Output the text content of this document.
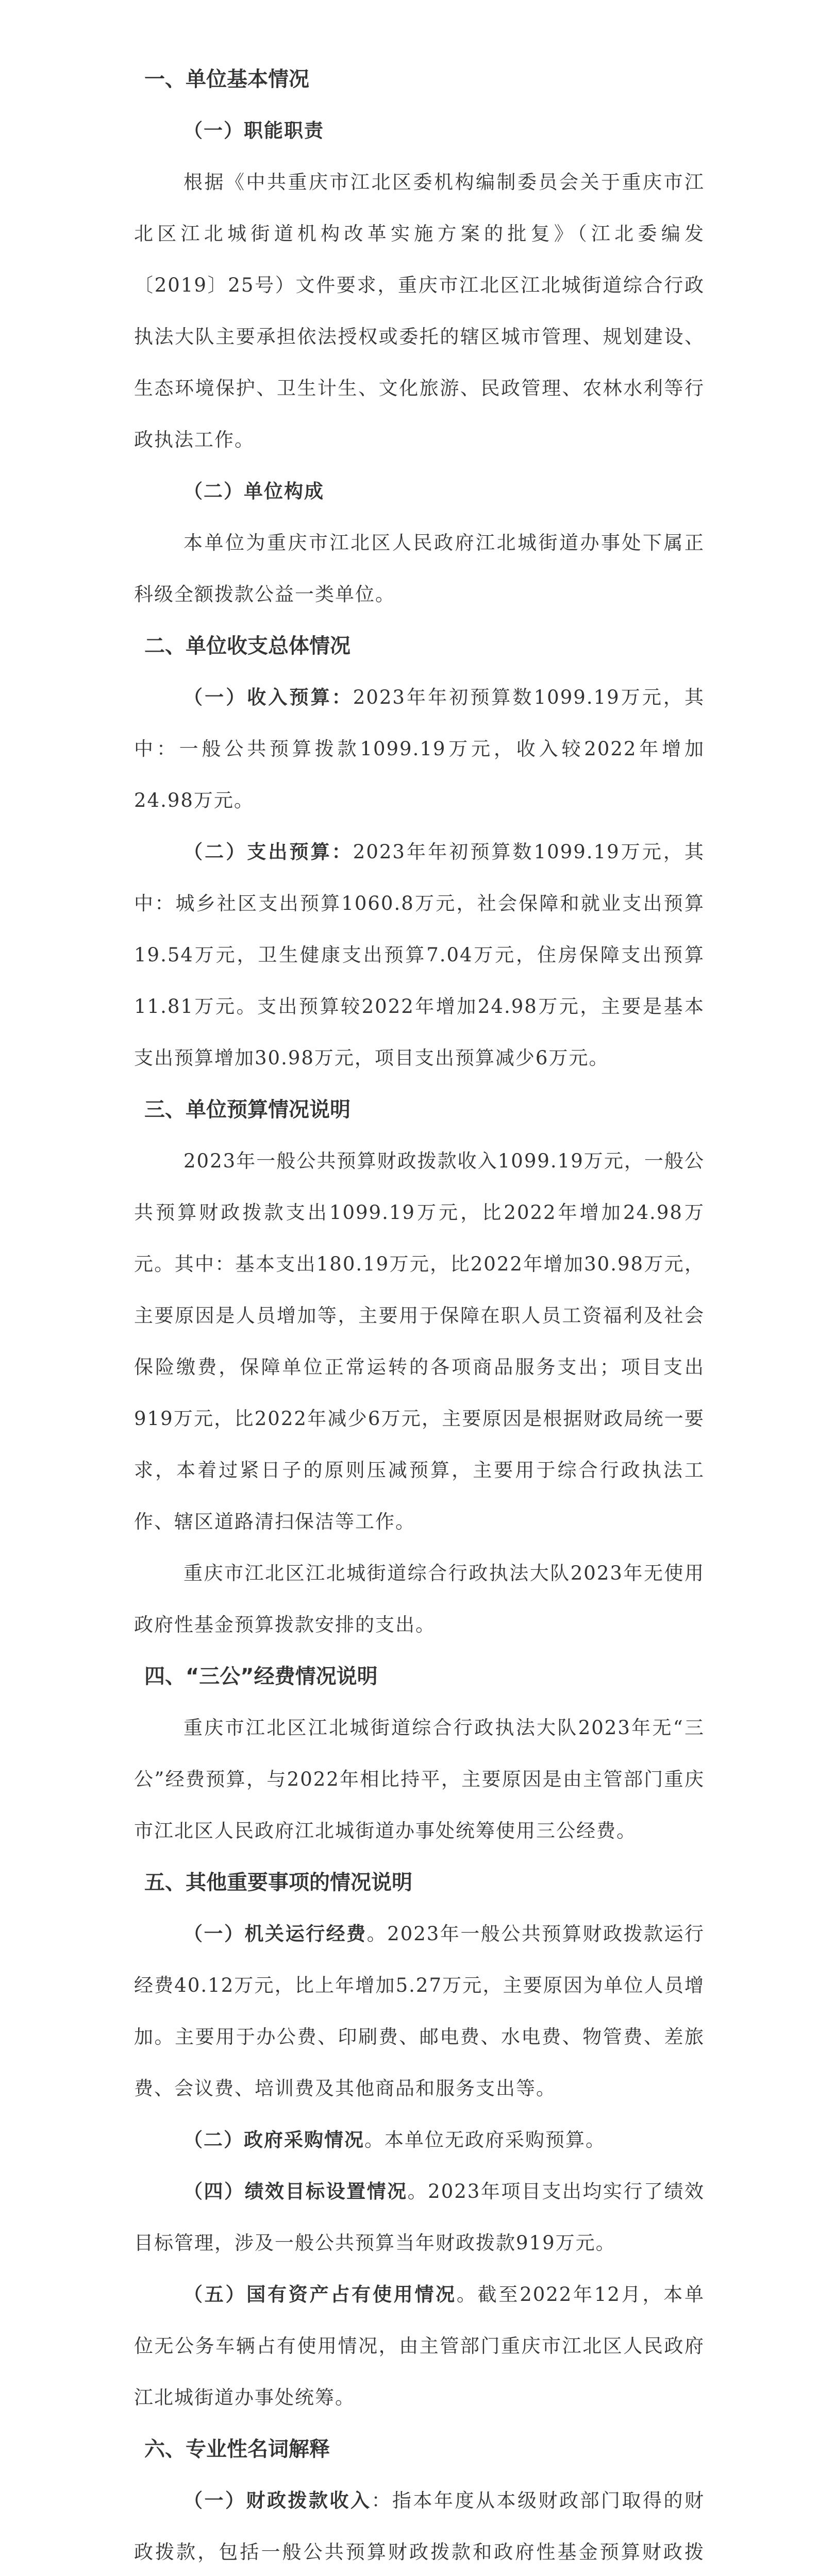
一、单位基本情况

（一）职能职责

根据《中共重庆市江北区委机构编制委员会关于重庆市江北区江北城街道机构改革实施方案的批复》（江北委编发〔2019〕25号）文件要求，重庆市江北区江北城街道综合行政执法大队主要承担依法授权或委托的辖区城市管理、规划建设、生态环境保护、卫生计生、文化旅游、民政管理、农林水利等行政执法工作。

（二）单位构成

本单位为重庆市江北区人民政府江北城街道办事处下属正科级全额拨款公益一类单位。

二、单位收支总体情况

（一）收入预算：2023年年初预算数1099.19万元，其中：一般公共预算拨款1099.19万元，收入较2022年增加24.98万元。

（二）支出预算：2023年年初预算数1099.19万元，其中：城乡社区支出预算1060.8万元，社会保障和就业支出预算19.54万元，卫生健康支出预算7.04万元，住房保障支出预算11.81万元。支出预算较2022年增加24.98万元，主要是基本支出预算增加30.98万元，项目支出预算减少6万元。

三、单位预算情况说明

2023年一般公共预算财政拨款收入1099.19万元，一般公共预算财政拨款支出1099.19万元，比2022年增加24.98万元。其中：基本支出180.19万元，比2022年增加30.98万元，主要原因是人员增加等，主要用于保障在职人员工资福利及社会保险缴费，保障单位正常运转的各项商品服务支出；项目支出919万元，比2022年减少6万元，主要原因是根据财政局统一要求，本着过紧日子的原则压减预算，主要用于综合行政执法工作、辖区道路清扫保洁等工作。

重庆市江北区江北城街道综合行政执法大队2023年无使用政府性基金预算拨款安排的支出。

四、“三公”经费情况说明

重庆市江北区江北城街道综合行政执法大队2023年无“三公”经费预算，与2022年相比持平，主要原因是由主管部门重庆市江北区人民政府江北城街道办事处统筹使用三公经费。

五、其他重要事项的情况说明

（一）机关运行经费。2023年一般公共预算财政拨款运行经费40.12万元，比上年增加5.27万元，主要原因为单位人员增加。主要用于办公费、印刷费、邮电费、水电费、物管费、差旅费、会议费、培训费及其他商品和服务支出等。

（二）政府采购情况。本单位无政府采购预算。

（四）绩效目标设置情况。2023年项目支出均实行了绩效目标管理，涉及一般公共预算当年财政拨款919万元。

（五）国有资产占有使用情况。截至2022年12月，本单位无公务车辆占有使用情况，由主管部门重庆市江北区人民政府江北城街道办事处统筹。

六、专业性名词解释

（一）财政拨款收入：指本年度从本级财政部门取得的财政拨款，包括一般公共预算财政拨款和政府性基金预算财政拨
